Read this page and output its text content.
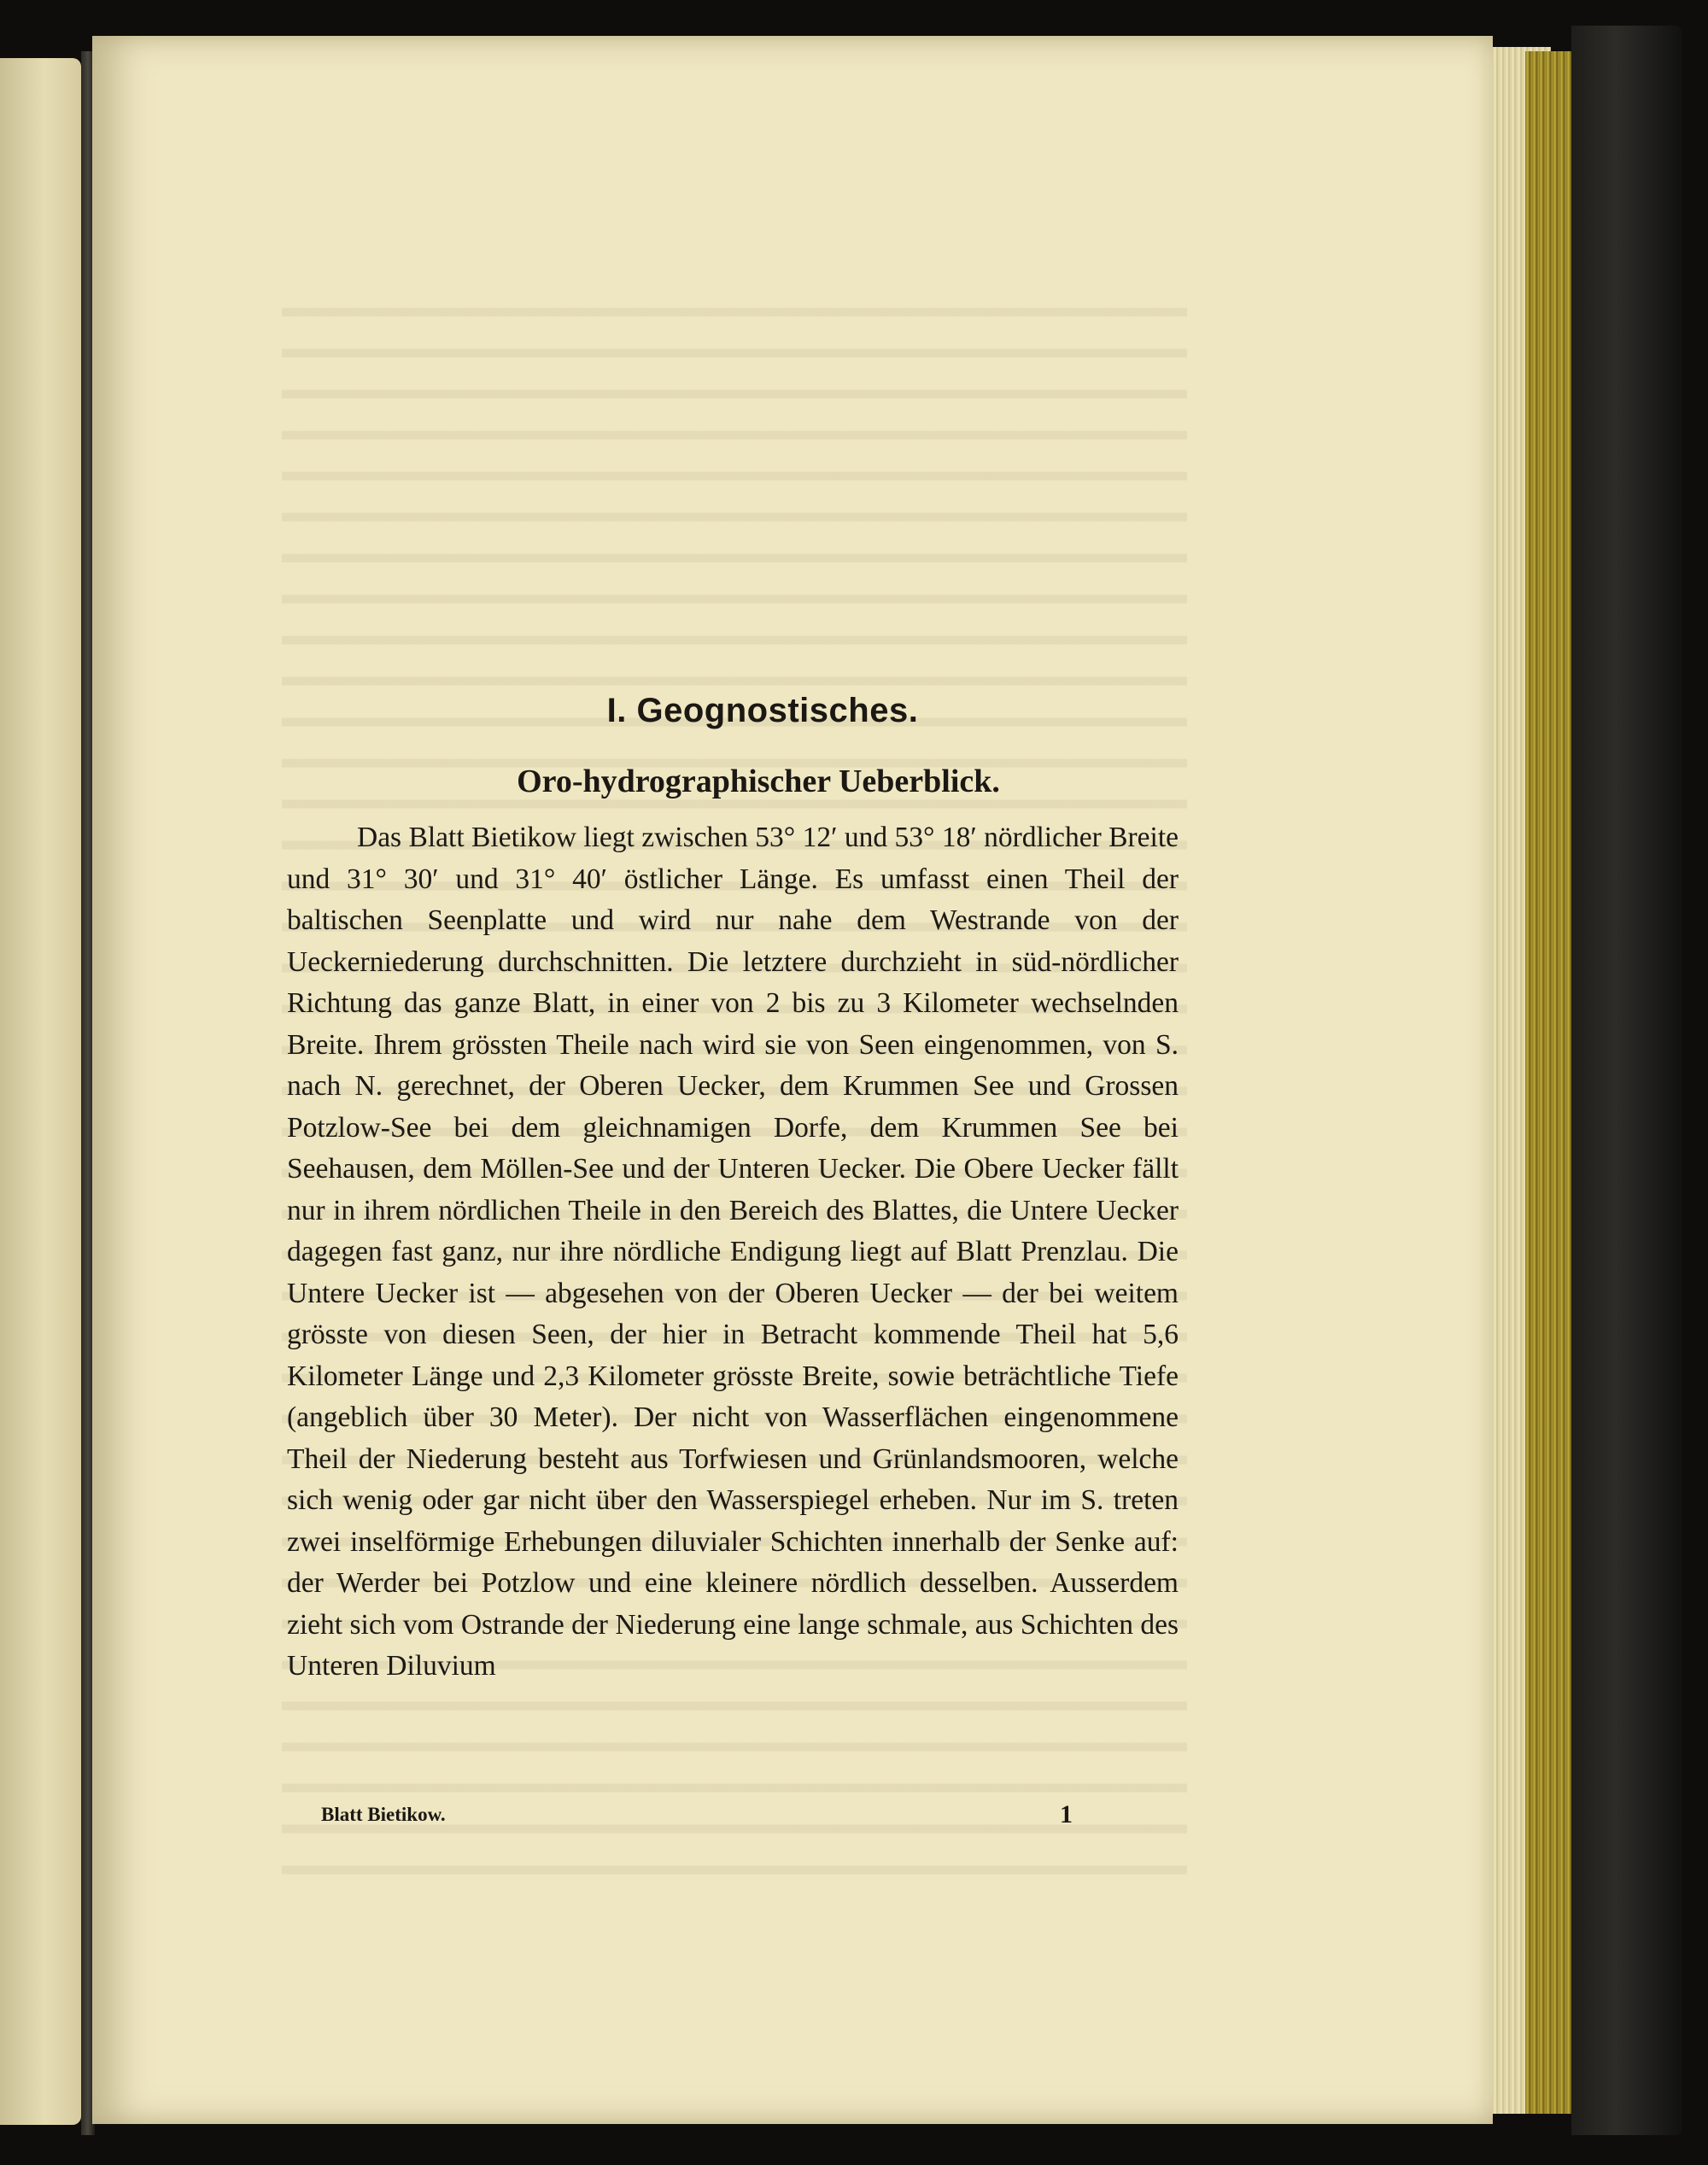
I. Geognostisches.
Oro-hydrographischer Ueberblick.

Das Blatt Bietikow liegt zwischen 53° 12′ und 53° 18′ nördlicher Breite und 31° 30′ und 31° 40′ östlicher Länge. Es umfasst einen Theil der baltischen Seenplatte und wird nur nahe dem Westrande von der Ueckerniederung durchschnitten. Die letztere durchzieht in süd-nördlicher Richtung das ganze Blatt, in einer von 2 bis zu 3 Kilometer wechselnden Breite. Ihrem grössten Theile nach wird sie von Seen eingenommen, von S. nach N. gerechnet, der Oberen Uecker, dem Krummen See und Grossen Potzlow-See bei dem gleichnamigen Dorfe, dem Krummen See bei Seehausen, dem Möllen-See und der Unteren Uecker. Die Obere Uecker fällt nur in ihrem nördlichen Theile in den Bereich des Blattes, die Untere Uecker dagegen fast ganz, nur ihre nördliche Endigung liegt auf Blatt Prenzlau. Die Untere Uecker ist — abgesehen von der Oberen Uecker — der bei weitem grösste von diesen Seen, der hier in Betracht kommende Theil hat 5,6 Kilometer Länge und 2,3 Kilometer grösste Breite, sowie beträchtliche Tiefe (angeblich über 30 Meter). Der nicht von Wasserflächen eingenommene Theil der Niederung besteht aus Torfwiesen und Grünlandsmooren, welche sich wenig oder gar nicht über den Wasserspiegel erheben. Nur im S. treten zwei inselförmige Erhebungen diluvialer Schichten innerhalb der Senke auf: der Werder bei Potzlow und eine kleinere nördlich desselben. Ausserdem zieht sich vom Ostrande der Niederung eine lange schmale, aus Schichten des Unteren Diluvium

Blatt Bietikow.	1
